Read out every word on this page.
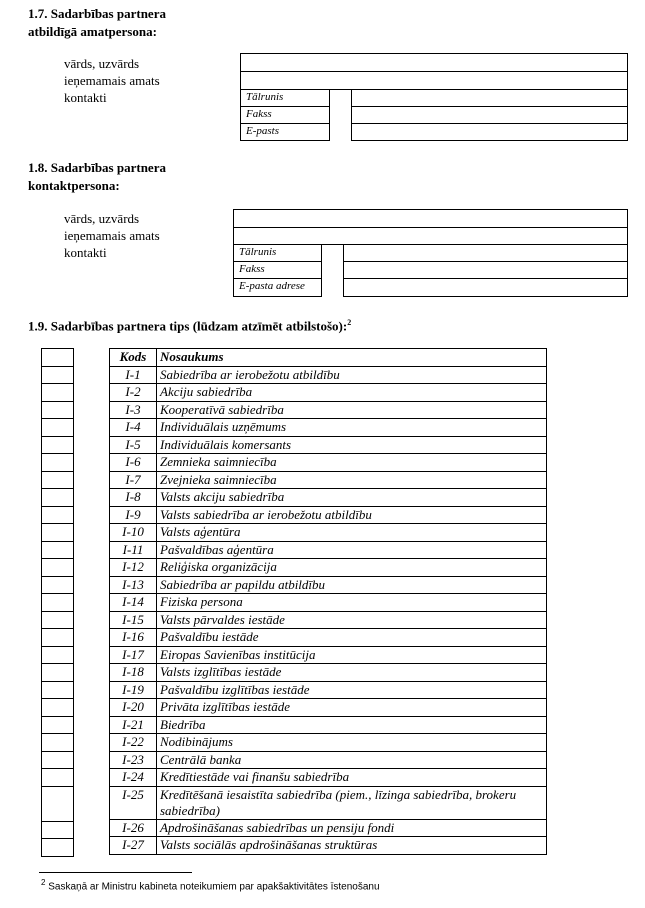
1.7. Sadarbības partnera
atbildīgā amatpersona:
vārds, uzvārds
ieņemamais amats
kontakti	Tālrunis
Fakss
E-pasts
1.8. Sadarbības partnera
kontaktpersona:
vārds, uzvārds
ieņemamais amats
kontakti	Tālrunis
Fakss
E-pasta adrese
1.9. Sadarbības partnera tips (lūdzam atzīmēt atbilstošo):$^2$

Kods	Nosaukums
I-1	Sabiedrība ar ierobežotu atbildību
I-2	Akciju sabiedrība
I-3	Kooperatīvā sabiedrība
I-4	Individuālais uzņēmums
I-5	Individuālais komersants
I-6	Zemnieka saimniecība
I-7	Zvejnieka saimniecība
I-8	Valsts akciju sabiedrība
I-9	Valsts sabiedrība ar ierobežotu atbildību
I-10	Valsts aģentūra
I-11	Pašvaldības aģentūra
I-12	Reliģiska organizācija
I-13	Sabiedrība ar papildu atbildību
I-14	Fiziska persona
I-15	Valsts pārvaldes iestāde
I-16	Pašvaldību iestāde
I-17	Eiropas Savienības institūcija
I-18	Valsts izglītības iestāde
I-19	Pašvaldību izglītības iestāde
I-20	Privāta izglītības iestāde
I-21	Biedrība
I-22	Nodibinājums
I-23	Centrālā banka
I-24	Kredītiestāde vai finanšu sabiedrība
I-25	Kredītēšanā iesaistīta sabiedrība (piem., līzinga sabiedrība, brokeru sabiedrība)
I-26	Apdrošināšanas sabiedrības un pensiju fondi
I-27	Valsts sociālās apdrošināšanas struktūras
$^2$ Saskaņā ar Ministru kabineta noteikumiem par apakšaktivitātes īstenošanu
